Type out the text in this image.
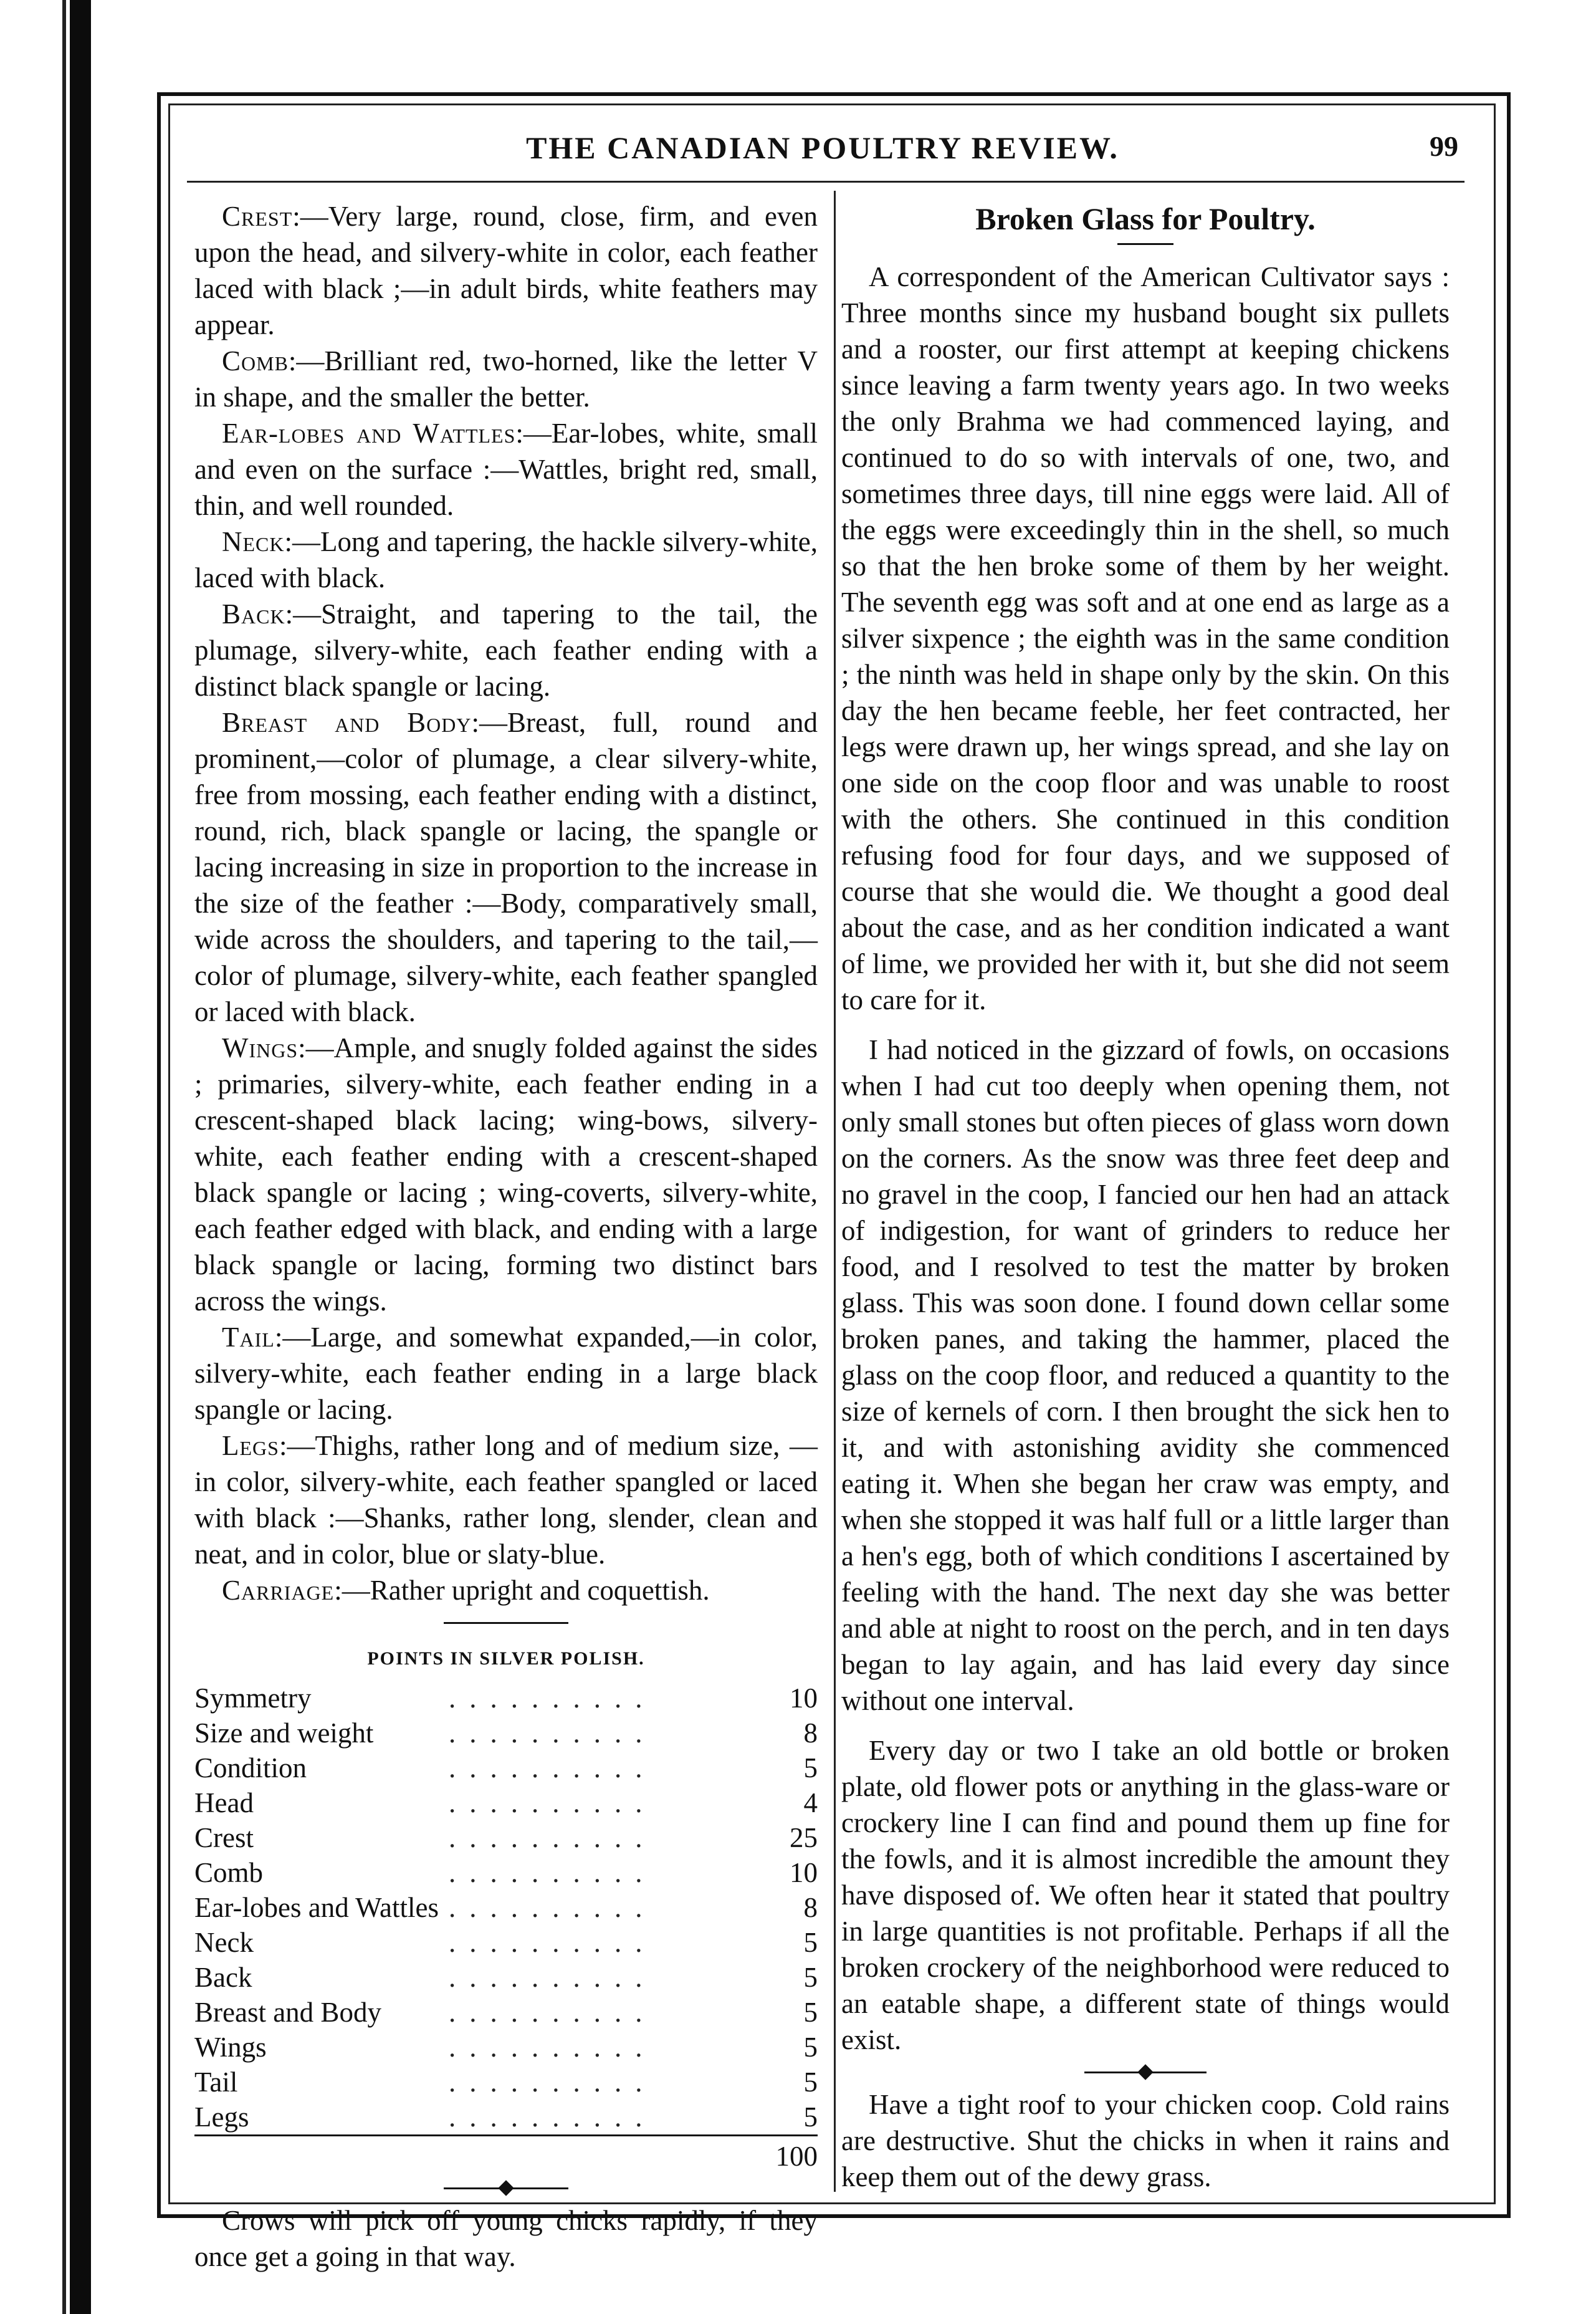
THE CANADIAN POULTRY REVIEW.	99

Crest:—Very large, round, close, firm, and even upon the head, and silvery-white in color, each feather laced with black ;—in adult birds, white feathers may appear.

Comb:—Brilliant red, two-horned, like the letter V in shape, and the smaller the better.

Ear-lobes and Wattles:—Ear-lobes, white, small and even on the surface :—Wattles, bright red, small, thin, and well rounded.

Neck:—Long and tapering, the hackle silvery-white, laced with black.

Back:—Straight, and tapering to the tail, the plumage, silvery-white, each feather ending with a distinct black spangle or lacing.

Breast and Body:—Breast, full, round and prominent,—color of plumage, a clear silvery-white, free from mossing, each feather ending with a distinct, round, rich, black spangle or lacing, the spangle or lacing increasing in size in proportion to the increase in the size of the feather :—Body, comparatively small, wide across the shoulders, and tapering to the tail,—color of plumage, silvery-white, each feather spangled or laced with black.

Wings:—Ample, and snugly folded against the sides ; primaries, silvery-white, each feather ending in a crescent-shaped black lacing; wing-bows, silvery-white, each feather ending with a crescent-shaped black spangle or lacing ; wing-coverts, silvery-white, each feather edged with black, and ending with a large black spangle or lacing, forming two distinct bars across the wings.

Tail:—Large, and somewhat expanded,—in color, silvery-white, each feather ending in a large black spangle or lacing.

Legs:—Thighs, rather long and of medium size, —in color, silvery-white, each feather spangled or laced with black :—Shanks, rather long, slender, clean and neat, and in color, blue or slaty-blue.

Carriage:—Rather upright and coquettish.

POINTS IN SILVER POLISH.
Symmetry	..........	10
Size and weight	..........	8
Condition	..........	5
Head	..........	4
Crest	..........	25
Comb	..........	10
Ear-lobes and Wattles	..........	8
Neck	..........	5
Back	..........	5
Breast and Body	..........	5
Wings	..........	5
Tail	..........	5
Legs	..........	5
		100

Crows will pick off young chicks rapidly, if they once get a going in that way.

Broken Glass for Poultry.

A correspondent of the American Cultivator says : Three months since my husband bought six pullets and a rooster, our first attempt at keeping chickens since leaving a farm twenty years ago. In two weeks the only Brahma we had commenced laying, and continued to do so with intervals of one, two, and sometimes three days, till nine eggs were laid. All of the eggs were exceedingly thin in the shell, so much so that the hen broke some of them by her weight. The seventh egg was soft and at one end as large as a silver sixpence ; the eighth was in the same condition ; the ninth was held in shape only by the skin. On this day the hen became feeble, her feet contracted, her legs were drawn up, her wings spread, and she lay on one side on the coop floor and was unable to roost with the others. She continued in this condition refusing food for four days, and we supposed of course that she would die. We thought a good deal about the case, and as her condition indicated a want of lime, we provided her with it, but she did not seem to care for it.

I had noticed in the gizzard of fowls, on occasions when I had cut too deeply when opening them, not only small stones but often pieces of glass worn down on the corners. As the snow was three feet deep and no gravel in the coop, I fancied our hen had an attack of indigestion, for want of grinders to reduce her food, and I resolved to test the matter by broken glass. This was soon done. I found down cellar some broken panes, and taking the hammer, placed the glass on the coop floor, and reduced a quantity to the size of kernels of corn. I then brought the sick hen to it, and with astonishing avidity she commenced eating it. When she began her craw was empty, and when she stopped it was half full or a little larger than a hen's egg, both of which conditions I ascertained by feeling with the hand. The next day she was better and able at night to roost on the perch, and in ten days began to lay again, and has laid every day since without one interval.

Every day or two I take an old bottle or broken plate, old flower pots or anything in the glass-ware or crockery line I can find and pound them up fine for the fowls, and it is almost incredible the amount they have disposed of. We often hear it stated that poultry in large quantities is not profitable. Perhaps if all the broken crockery of the neighborhood were reduced to an eatable shape, a different state of things would exist.

Have a tight roof to your chicken coop. Cold rains are destructive. Shut the chicks in when it rains and keep them out of the dewy grass.
